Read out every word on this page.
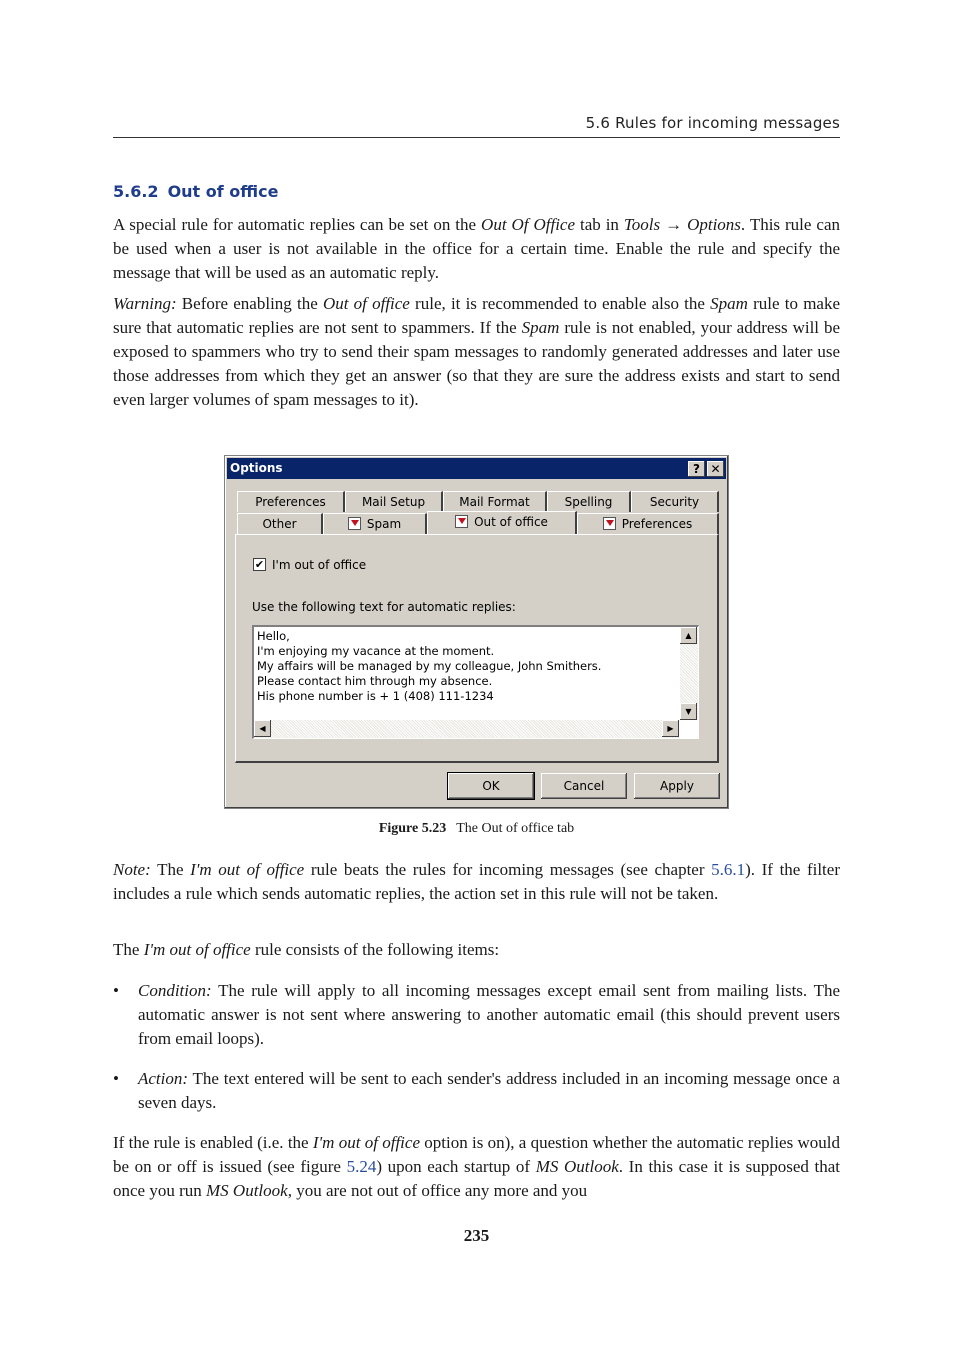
5.6 Rules for incoming messages
5.6.2 Out of office
A special rule for automatic replies can be set on the Out Of Office tab in Tools → Options. This rule can be used when a user is not available in the office for a certain time. Enable the rule and specify the message that will be used as an automatic reply.
Warning: Before enabling the Out of office rule, it is recommended to enable also the Spam rule to make sure that automatic replies are not sent to spammers. If the Spam rule is not enabled, your address will be exposed to spammers who try to send their spam messages to randomly generated addresses and later use those addresses from which they get an answer (so that they are sure the address exists and start to send even larger volumes of spam messages to it).
Options	? ✕
Preferences	Mail Setup	Mail Format	Spelling	Security
Other	Spam	Out of office	Preferences
✔ I'm out of office
Use the following text for automatic replies:
Hello,
I'm enjoying my vacance at the moment.
My affairs will be managed by my colleague, John Smithers.
Please contact him through my absence.
His phone number is + 1 (408) 111-1234
▲
▼
◀	▶
OK	Cancel	Apply
Figure 5.23 The Out of office tab
Note: The I'm out of office rule beats the rules for incoming messages (see chapter 5.6.1). If the filter includes a rule which sends automatic replies, the action set in this rule will not be taken.
The I'm out of office rule consists of the following items:
• Condition: The rule will apply to all incoming messages except email sent from mailing lists. The automatic answer is not sent where answering to another automatic email (this should prevent users from email loops).
• Action: The text entered will be sent to each sender's address included in an incoming message once a seven days.
If the rule is enabled (i.e. the I'm out of office option is on), a question whether the automatic replies would be on or off is issued (see figure 5.24) upon each startup of MS Outlook. In this case it is supposed that once you run MS Outlook, you are not out of office any more and you
235
